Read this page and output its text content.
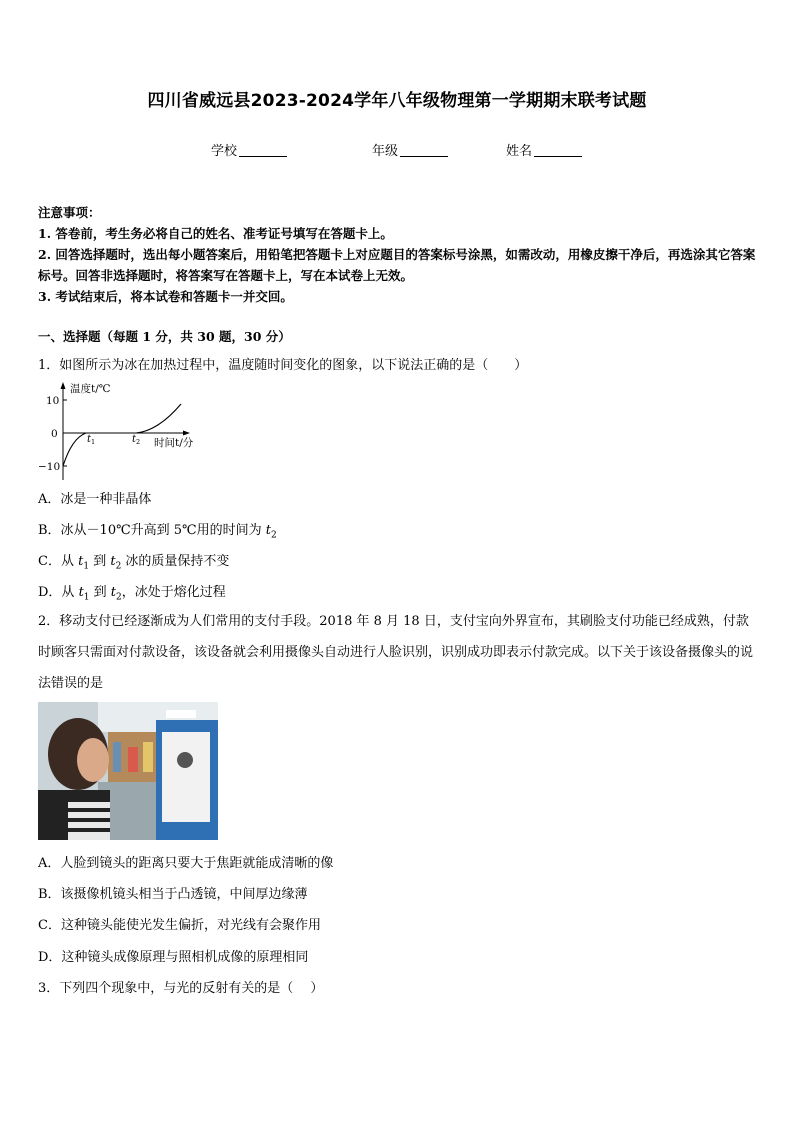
四川省威远县2023-2024学年八年级物理第一学期期末联考试题
学校	年级	姓名

注意事项：

1. 答卷前，考生务必将自己的姓名、准考证号填写在答题卡上。

2. 回答选择题时，选出每小题答案后，用铅笔把答题卡上对应题目的答案标号涂黑，如需改动，用橡皮擦干净后，再选涂其它答案标号。回答非选择题时，将答案写在答题卡上，写在本试卷上无效。

3. 考试结束后，将本试卷和答题卡一并交回。

一、选择题（每题 1 分，共 30 题，30 分）
1．如图所示为冰在加热过程中，温度随时间变化的图象，以下说法正确的是（　　）
温度t/℃
时间t/分
10
0
−10
t 1	t 2
A．冰是一种非晶体
B．冰从－10℃升高到 5℃用的时间为 $t_2$
C．从 $t_1$ 到 $t_2$ 冰的质量保持不变
D．从 $t_1$ 到 $t_2$，冰处于熔化过程
2．移动支付已经逐渐成为人们常用的支付手段。2018 年 8 月 18 日，支付宝向外界宣布，其刷脸支付功能已经成熟，付款时顾客只需面对付款设备，该设备就会利用摄像头自动进行人脸识别，识别成功即表示付款完成。以下关于该设备摄像头的说法错误的是
A．人脸到镜头的距离只要大于焦距就能成清晰的像
B．该摄像机镜头相当于凸透镜，中间厚边缘薄
C．这种镜头能使光发生偏折，对光线有会聚作用
D．这种镜头成像原理与照相机成像的原理相同
3．下列四个现象中，与光的反射有关的是（　 ）
